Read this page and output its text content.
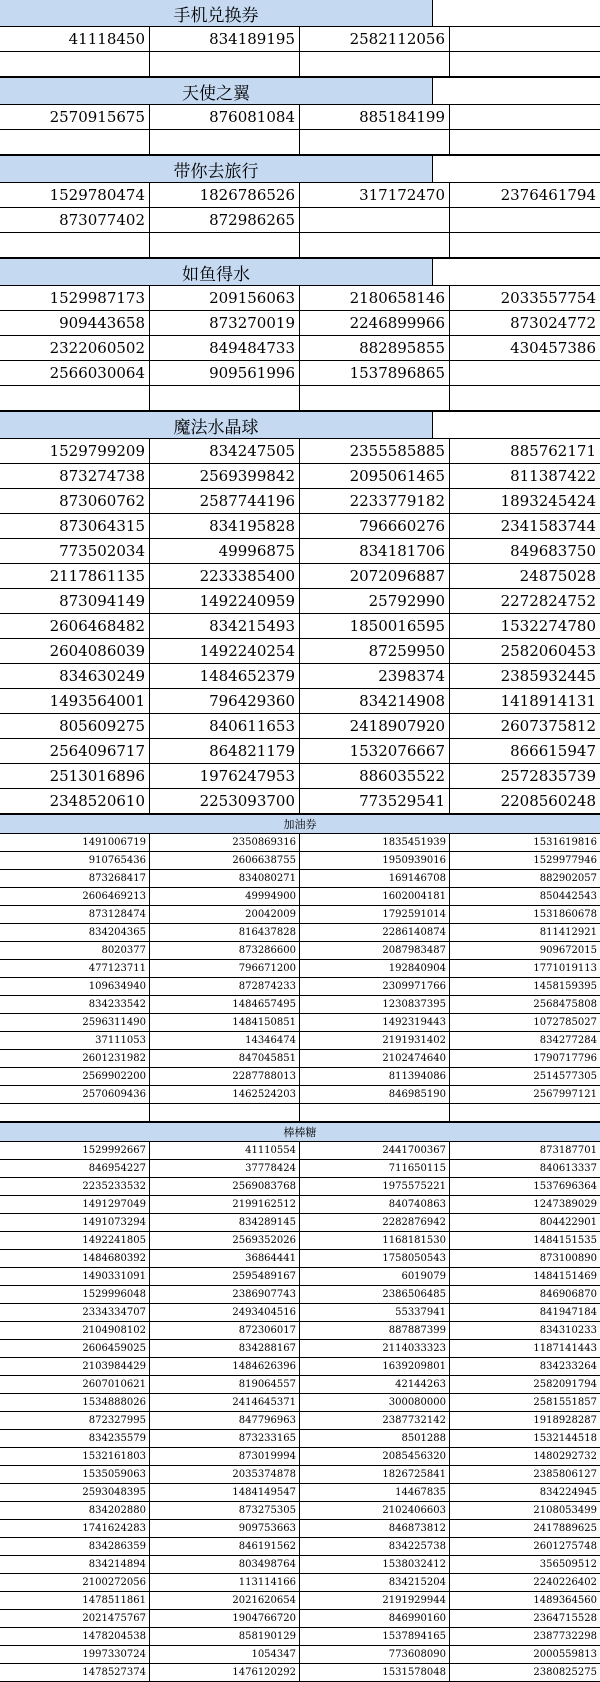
手机兑换券
41118450	834189195	2582112056
天使之翼
2570915675	876081084	885184199
带你去旅行
1529780474	1826786526	317172470	2376461794
873077402	872986265
如鱼得水
1529987173	209156063	2180658146	2033557754
909443658	873270019	2246899966	873024772
2322060502	849484733	882895855	430457386
2566030064	909561996	1537896865
魔法水晶球
1529799209	834247505	2355585885	885762171
873274738	2569399842	2095061465	811387422
873060762	2587744196	2233779182	1893245424
873064315	834195828	796660276	2341583744
773502034	49996875	834181706	849683750
2117861135	2233385400	2072096887	24875028
873094149	1492240959	25792990	2272824752
2606468482	834215493	1850016595	1532274780
2604086039	1492240254	87259950	2582060453
834630249	1484652379	2398374	2385932445
1493564001	796429360	834214908	1418914131
805609275	840611653	2418907920	2607375812
2564096717	864821179	1532076667	866615947
2513016896	1976247953	886035522	2572835739
2348520610	2253093700	773529541	2208560248
加油券
1491006719	2350869316	1835451939	1531619816
910765436	2606638755	1950939016	1529977946
873268417	834080271	169146708	882902057
2606469213	49994900	1602004181	850442543
873128474	20042009	1792591014	1531860678
834204365	816437828	2286140874	811412921
8020377	873286600	2087983487	909672015
477123711	796671200	192840904	1771019113
109634940	872874233	2309971766	1458159395
834233542	1484657495	1230837395	2568475808
2596311490	1484150851	1492319443	1072785027
37111053	14346474	2191931402	834277284
2601231982	847045851	2102474640	1790717796
2569902200	2287788013	811394086	2514577305
2570609436	1462524203	846985190	2567997121
棒棒糖
1529992667	41110554	2441700367	873187701
846954227	37778424	711650115	840613337
2235233532	2569083768	1975575221	1537696364
1491297049	2199162512	840740863	1247389029
1491073294	834289145	2282876942	804422901
1492241805	2569352026	1168181530	1484151535
1484680392	36864441	1758050543	873100890
1490331091	2595489167	6019079	1484151469
1529996048	2386907743	2386506485	846906870
2334334707	2493404516	55337941	841947184
2104908102	872306017	887887399	834310233
2606459025	834288167	2114033323	1187141443
2103984429	1484626396	1639209801	834233264
2607010621	819064557	42144263	2582091794
1534888026	2414645371	300080000	2581551857
872327995	847796963	2387732142	1918928287
834235579	873233165	8501288	1532144518
1532161803	873019994	2085456320	1480292732
1535059063	2035374878	1826725841	2385806127
2593048395	1484149547	14467835	834224945
834202880	873275305	2102406603	2108053499
1741624283	909753663	846873812	2417889625
834286359	846191562	834225738	2601275748
834214894	803498764	1538032412	356509512
2100272056	113114166	834215204	2240226402
1478511861	2021620654	2191929944	1489364560
2021475767	1904766720	846990160	2364715528
1478204538	858190129	1537894165	2387732298
1997330724	1054347	773608090	2000559813
1478527374	1476120292	1531578048	2380825275
